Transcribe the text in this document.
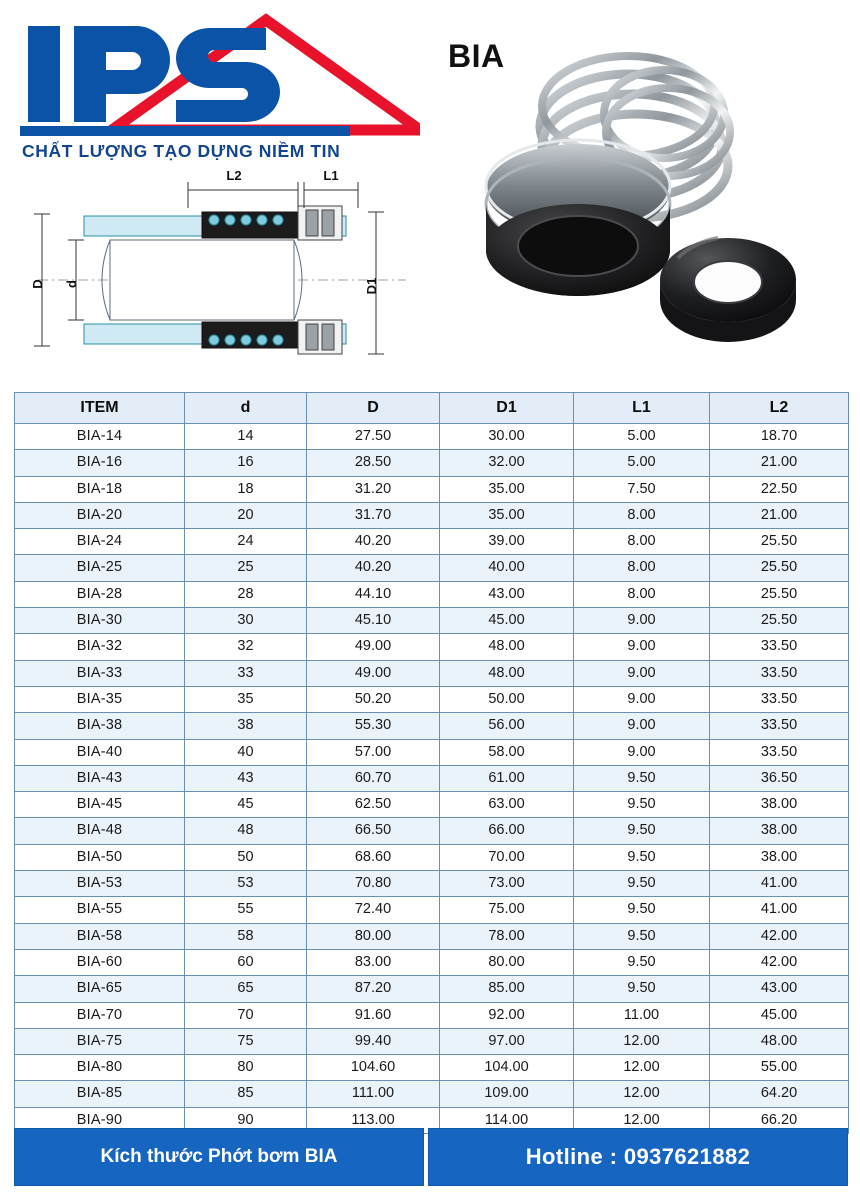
CHẤT LƯỢNG TẠO DỰNG NIỀM TIN
BIA
L2	L1
D d	D1
ITEM	d	D	D1	L1	L2
BIA-14	14	27.50	30.00	5.00	18.70
BIA-16	16	28.50	32.00	5.00	21.00
BIA-18	18	31.20	35.00	7.50	22.50
BIA-20	20	31.70	35.00	8.00	21.00
BIA-24	24	40.20	39.00	8.00	25.50
BIA-25	25	40.20	40.00	8.00	25.50
BIA-28	28	44.10	43.00	8.00	25.50
BIA-30	30	45.10	45.00	9.00	25.50
BIA-32	32	49.00	48.00	9.00	33.50
BIA-33	33	49.00	48.00	9.00	33.50
BIA-35	35	50.20	50.00	9.00	33.50
BIA-38	38	55.30	56.00	9.00	33.50
BIA-40	40	57.00	58.00	9.00	33.50
BIA-43	43	60.70	61.00	9.50	36.50
BIA-45	45	62.50	63.00	9.50	38.00
BIA-48	48	66.50	66.00	9.50	38.00
BIA-50	50	68.60	70.00	9.50	38.00
BIA-53	53	70.80	73.00	9.50	41.00
BIA-55	55	72.40	75.00	9.50	41.00
BIA-58	58	80.00	78.00	9.50	42.00
BIA-60	60	83.00	80.00	9.50	42.00
BIA-65	65	87.20	85.00	9.50	43.00
BIA-70	70	91.60	92.00	11.00	45.00
BIA-75	75	99.40	97.00	12.00	48.00
BIA-80	80	104.60	104.00	12.00	55.00
BIA-85	85	111.00	109.00	12.00	64.20
BIA-90	90	113.00	114.00	12.00	66.20
Kích thước Phớt bơm BIA	Hotline : 0937621882
